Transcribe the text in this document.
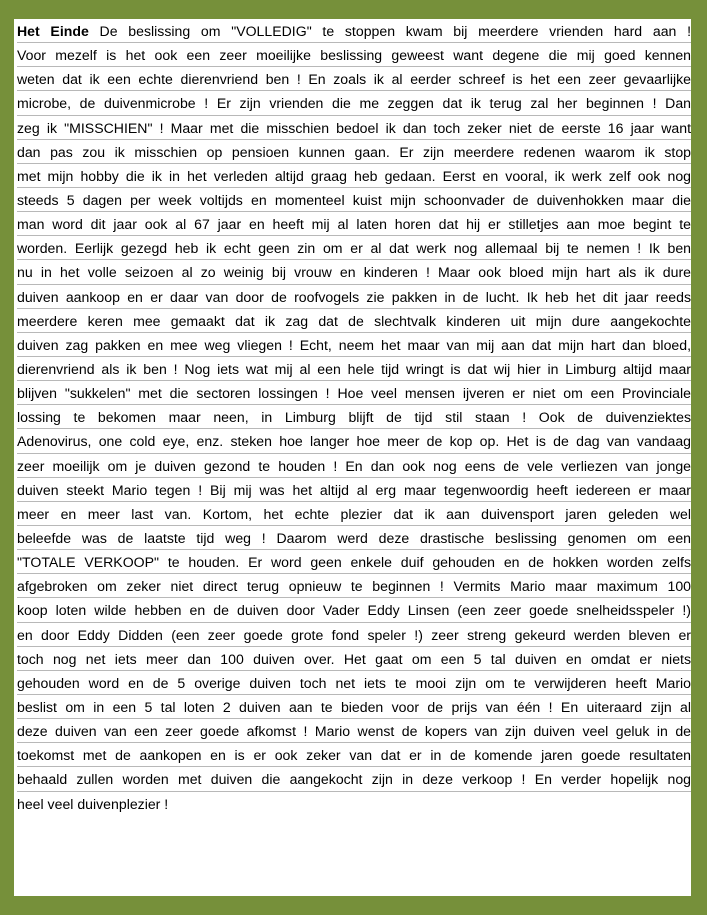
Het Einde De beslissing om "VOLLEDIG" te stoppen kwam bij meerdere vrienden hard aan !
Voor mezelf is het ook een zeer moeilijke beslissing geweest want degene die mij goed kennen
weten dat ik een echte dierenvriend ben ! En zoals ik al eerder schreef is het een zeer gevaarlijke
microbe, de duivenmicrobe ! Er zijn vrienden die me zeggen dat ik terug zal her beginnen ! Dan
zeg ik "MISSCHIEN" ! Maar met die misschien bedoel ik dan toch zeker niet de eerste 16 jaar want
dan pas zou ik misschien op pensioen kunnen gaan. Er zijn meerdere redenen waarom ik stop
met mijn hobby die ik in het verleden altijd graag heb gedaan. Eerst en vooral, ik werk zelf ook nog
steeds 5 dagen per week voltijds en momenteel kuist mijn schoonvader de duivenhokken maar die
man word dit jaar ook al 67 jaar en heeft mij al laten horen dat hij er stilletjes aan moe begint te
worden. Eerlijk gezegd heb ik echt geen zin om er al dat werk nog allemaal bij te nemen ! Ik ben
nu in het volle seizoen al zo weinig bij vrouw en kinderen ! Maar ook bloed mijn hart als ik dure
duiven aankoop en er daar van door de roofvogels zie pakken in de lucht. Ik heb het dit jaar reeds
meerdere keren mee gemaakt dat ik zag dat de slechtvalk kinderen uit mijn dure aangekochte
duiven zag pakken en mee weg vliegen ! Echt, neem het maar van mij aan dat mijn hart dan bloed,
dierenvriend als ik ben ! Nog iets wat mij al een hele tijd wringt is dat wij hier in Limburg altijd maar
blijven "sukkelen" met die sectoren lossingen ! Hoe veel mensen ijveren er niet om een Provinciale
lossing te bekomen maar neen, in Limburg blijft de tijd stil staan ! Ook de duivenziektes
Adenovirus, one cold eye, enz. steken hoe langer hoe meer de kop op. Het is de dag van vandaag
zeer moeilijk om je duiven gezond te houden ! En dan ook nog eens de vele verliezen van jonge
duiven steekt Mario tegen ! Bij mij was het altijd al erg maar tegenwoordig heeft iedereen er maar
meer en meer last van. Kortom, het echte plezier dat ik aan duivensport jaren geleden wel
beleefde was de laatste tijd weg ! Daarom werd deze drastische beslissing genomen om een
"TOTALE VERKOOP" te houden. Er word geen enkele duif gehouden en de hokken worden zelfs
afgebroken om zeker niet direct terug opnieuw te beginnen ! Vermits Mario maar maximum 100
koop loten wilde hebben en de duiven door Vader Eddy Linsen (een zeer goede snelheidsspeler !)
en door Eddy Didden (een zeer goede grote fond speler !) zeer streng gekeurd werden bleven er
toch nog net iets meer dan 100 duiven over. Het gaat om een 5 tal duiven en omdat er niets
gehouden word en de 5 overige duiven toch net iets te mooi zijn om te verwijderen heeft Mario
beslist om in een 5 tal loten 2 duiven aan te bieden voor de prijs van één ! En uiteraard zijn al
deze duiven van een zeer goede afkomst ! Mario wenst de kopers van zijn duiven veel geluk in de
toekomst met de aankopen en is er ook zeker van dat er in de komende jaren goede resultaten
behaald zullen worden met duiven die aangekocht zijn in deze verkoop ! En verder hopelijk nog
heel veel duivenplezier !
